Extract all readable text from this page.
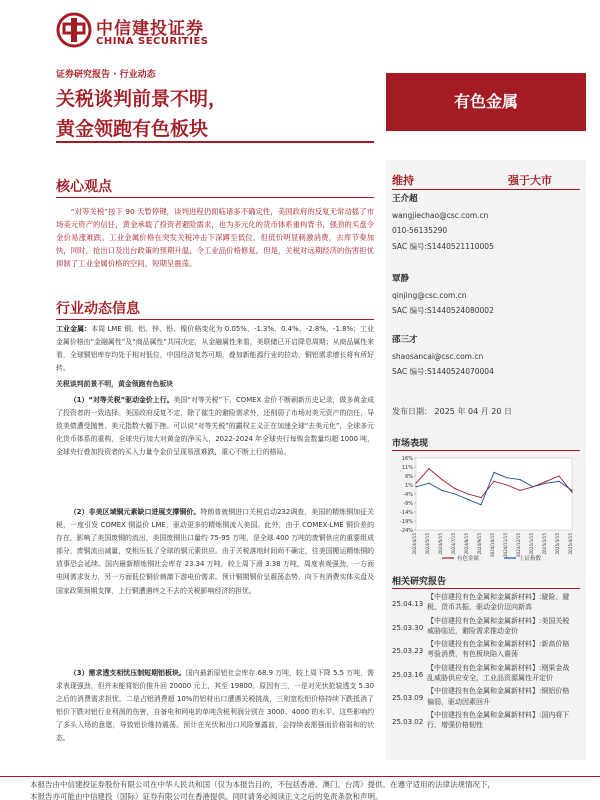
中信建投证券
CHINA SECURITIES
证券研究报告 · 行业动态
关税谈判前景不明，
黄金领跑有色板块
有色金属
核心观点
“对等关税”按下 90 天暂停键，谈判进程仍面临诸多不确定性，美国政府的反复无常动摇了市场美元资产的信任，黄金承载了投资者避险需求，也为多元化的货币体系重构背书，强劲的买盘令金价易涨难跌。工业金属价格在突发关税冲击下深蹲至低位，但低价明显刺激消费，去库节奏加快，同时，抢出口及出台政策的预期升温，令工业品价格修复。但是，关税对远期经济的伤害担忧抑制了工业金属价格的空间，短期呈震荡。
行业动态信息
工业金属：本周 LME 铜、铝、锌、铅、镍价格变化为 0.05%、-1.3%、0.4%、-2.8%、-1.8%；工业金属价格由“金融属性”及“商品属性”共同决定，从金融属性来看，美联储已开启降息周期；从商品属性来看，全球铜铝库存均处于相对低位，中国经济复苏可期，叠加新能源行业的拉动，铜铝需求增长将有所好转。
关税谈判前景不明，黄金领跑有色板块
（1）“对等关税”驱动金价上行。美国“对等关税”下，COMEX 金价不断刷新历史记录，做多黄金成了投资者的一致选择。美国政府反复不定，除了催生的避险需求外，还削弱了市场对美元资产的信任，导致美债遭受抛售、美元指数大幅下挫。可以说“对等关税”的霸权主义正在加速全球“去美元化”，全球多元化货币体系的重构，全球央行加大对黄金的净买入，2022-2024 年全球央行每购金数量均超 1000 吨，全球央行叠加投资者的买入力量令金价呈现易涨难跌，重心不断上行的格局。
（2）非美区域铜元素缺口进展支撑铜价。特朗普就铜进口关税启动232调查，美国的精炼铜加征关税，一度引发 COMEX 铜溢价 LME，驱动更多的精炼铜流入美国。此外，由于 COMEX-LME 铜价差的存在，影响了美国废铜的流出，美国废铜出口量约 75-95 万吨，是全球 400 万吨的废铜供应的重要组成部分，废铜流出减量，变相压低了全球的铜元素供应。由于关税落地时间尚不确定，往美国搬运精炼铜的放事恐会延续。国内最新精炼铜社会库存 23.34 万吨，较上周下滑 3.38 万吨，周度表观强劲，一方面电网需求发力，另一方面低位铜价刺激下游电价需求。预计铜期铜价呈震荡态势，向下有消费实体买盘及国家政策预期支撑，上行铜遭遇终之不去的关税影响经济的担忧。
（3）需求透支相忧压制短期铝板块。国内最新原铝社会库存 68.9 万吨，较上周下降 5.5 万吨，需求表现强劲，但并未能将铝价推升回 20000 元上，其至 19800。原因有三，一是对光伏抢装透支 5.30 之后的消费需求担忧，二是占铝消费超 10%的铝材出口遭遇关税挑战，三则宽松铝价格持续下跌抵消了铝价下跌对铝行业利润的伤害，自备电和网电的单吨含税利润分别在 3000、4000 的水平。这些影响约了多头入场的意愿，导致铝价维持震荡。预计在光伏和出口风险暴露前，会持续表需强而价格弱和的状态。
维持	强于大市
王介超
wangjiechao@csc.com.cn
010-56135290
SAC 编号:S1440521110005
覃静
qinjing@csc.com.cn
SAC 编号:S1440524080002
邵三才
shaosancai@csc.com.cn
SAC 编号:S1440524070004
发布日期： 2025 年 04 月 20 日
市场表现
16%
11%
6%
1%
-4%
-9%
-14%
-19%
-24%
2024/4/15 2024/5/15 2024/6/15 2024/7/15 2024/8/15 2024/9/15 2024/10/15 2024/11/15 2024/12/15 2025/1/15 2025/2/15 2025/3/15 2025/4/15
有色金属	上证指数
相关研究报告
25.04.13
【中信建投有色金属和金属新材料】:避险、避税、货币共振，驱动金价迈向新高
25.03.30
【中信建投有色金属和金属新材料】:美国关税威胁临近，避险需求推动金价
25.03.23
【中信建投有色金属和金属新材料】:新高价格考验消费，有色板块陷入震荡
25.03.16
【中信建投有色金属和金属新材料】:刚果金战乱威胁供应安全，工业品资源属性开定价
25.03.09
【中信建投有色金属和金属新材料】:铜铝价格偏弱，驱动因素回升
25.03.02
【中信建投有色金属和金属新材料】:国内将下行，增强价格韧性
本报告由中信建投证券股份有限公司在中华人民共和国（仅为本报告目的，不包括香港、澳门、台湾）提供。在遵守适用的法律法规情况下，
本报告亦可能由中信建投（国际）证券有限公司在香港提供。同时请务必阅读正文之后的免责条款和声明。
